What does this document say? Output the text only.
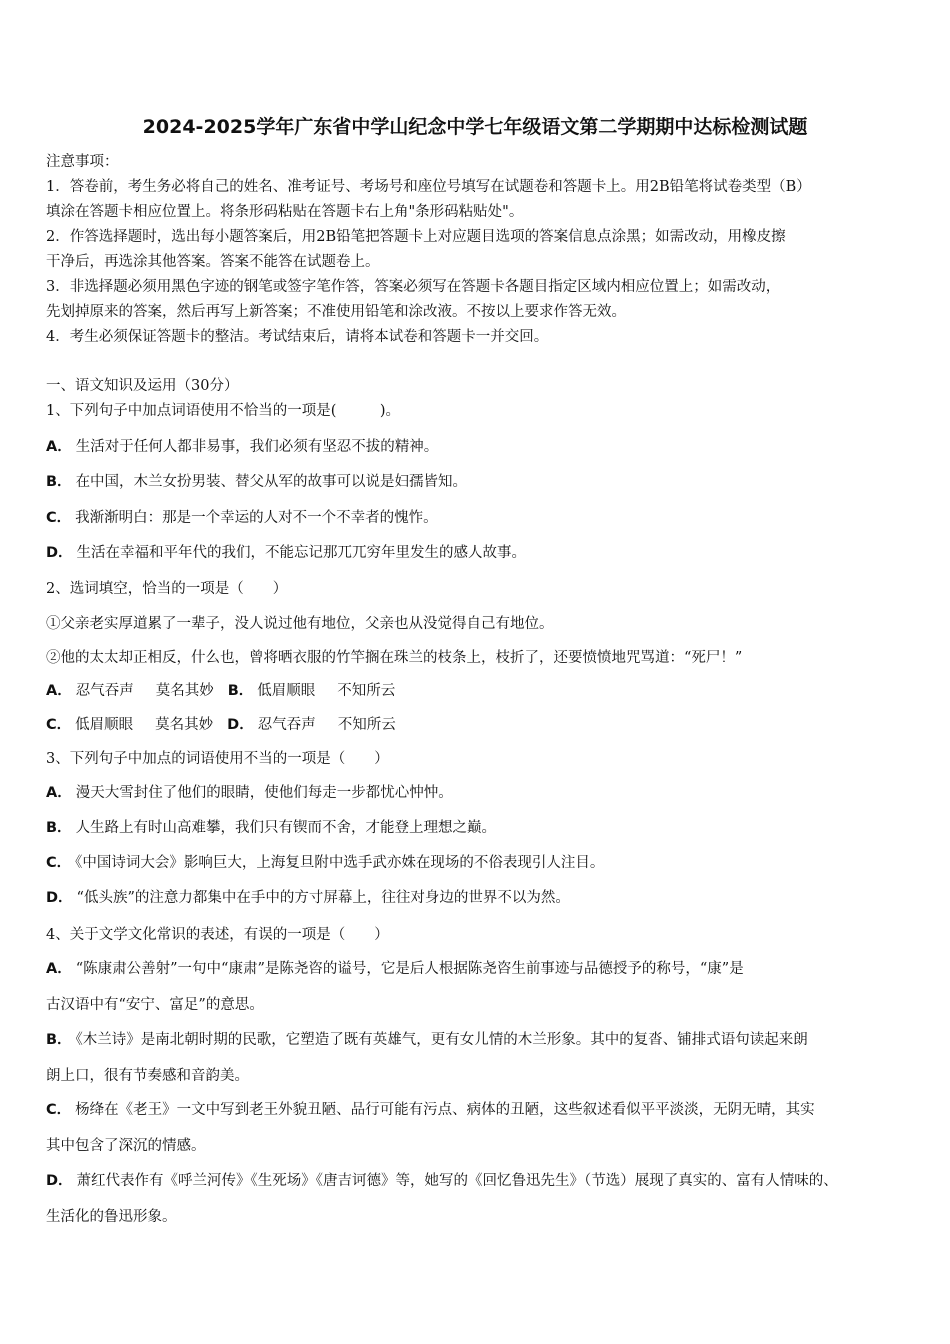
2024-2025学年广东省中学山纪念中学七年级语文第二学期期中达标检测试题
注意事项：
1．答卷前，考生务必将自己的姓名、准考证号、考场号和座位号填写在试题卷和答题卡上。用2B铅笔将试卷类型（B）
填涂在答题卡相应位置上。将条形码粘贴在答题卡右上角"条形码粘贴处"。
2．作答选择题时，选出每小题答案后，用2B铅笔把答题卡上对应题目选项的答案信息点涂黑；如需改动，用橡皮擦
干净后，再选涂其他答案。答案不能答在试题卷上。
3．非选择题必须用黑色字迹的钢笔或签字笔作答，答案必须写在答题卡各题目指定区域内相应位置上；如需改动，
先划掉原来的答案，然后再写上新答案；不准使用铅笔和涂改液。不按以上要求作答无效。
4．考生必须保证答题卡的整洁。考试结束后，请将本试卷和答题卡一并交回。
一、语文知识及运用（30分）
1、下列句子中加点词语使用不恰当的一项是(　　　)。
A． 生活对于任何人都非易事，我们必须有坚忍不拔的精神。
B． 在中国，木兰女扮男装、替父从军的故事可以说是妇孺皆知。
C． 我渐渐明白：那是一个幸运的人对不一个不幸者的愧怍。
D． 生活在幸福和平年代的我们，不能忘记那兀兀穷年里发生的感人故事。
2、选词填空，恰当的一项是（　　）
①父亲老实厚道累了一辈子，没人说过他有地位，父亲也从没觉得自己有地位。
②他的太太却正相反，什么也，曾将晒衣服的竹竿搁在珠兰的枝条上，枝折了，还要愤愤地咒骂道：“死尸！”
A． 忍气吞声 莫名其妙 B． 低眉顺眼 不知所云
C． 低眉顺眼 莫名其妙 D． 忍气吞声 不知所云
3、下列句子中加点的词语使用不当的一项是（　　）
A． 漫天大雪封住了他们的眼睛，使他们每走一步都忧心忡忡。
B． 人生路上有时山高难攀，我们只有锲而不舍，才能登上理想之巅。
C． 《中国诗词大会》影响巨大，上海复旦附中选手武亦姝在现场的不俗表现引人注目。
D． “低头族”的注意力都集中在手中的方寸屏幕上，往往对身边的世界不以为然。
4、关于文学文化常识的表述，有误的一项是（　　）
A． “陈康肃公善射”一句中“康肃”是陈尧咨的谥号，它是后人根据陈尧咨生前事迹与品德授予的称号，“康”是
古汉语中有“安宁、富足”的意思。
B． 《木兰诗》是南北朝时期的民歌，它塑造了既有英雄气，更有女儿情的木兰形象。其中的复沓、铺排式语句读起来朗
朗上口，很有节奏感和音韵美。
C． 杨绛在《老王》一文中写到老王外貌丑陋、品行可能有污点、病体的丑陋，这些叙述看似平平淡淡，无阴无晴，其实
其中包含了深沉的情感。
D． 萧红代表作有《呼兰河传》《生死场》《唐吉诃德》等，她写的《回忆鲁迅先生》（节选）展现了真实的、富有人情味的、
生活化的鲁迅形象。
